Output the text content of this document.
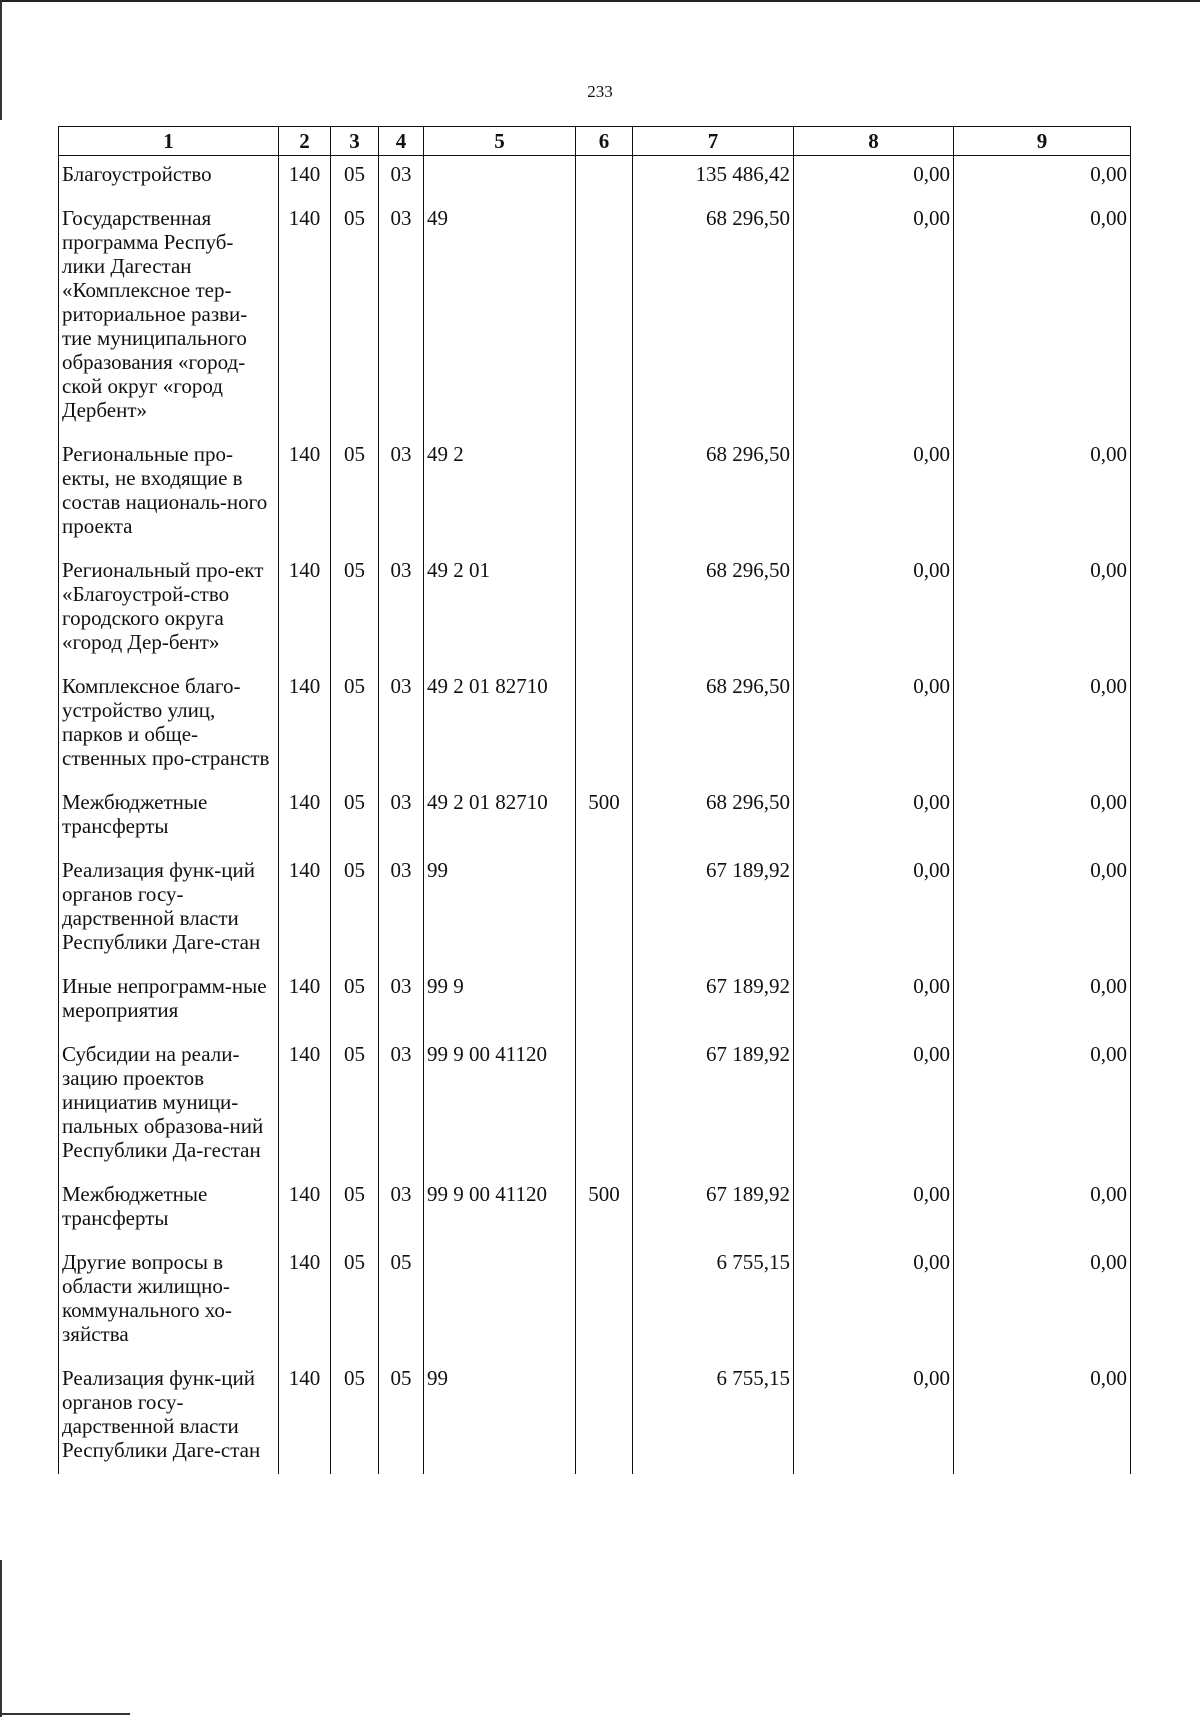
233
1	2	3	4	5	6	7	8	9
Благоустройство	140	05	03			135 486,42	0,00	0,00
Государственная программа Респуб-лики Дагестан «Комплексное тер-риториальное разви-тие муниципального образования «город-ской округ «город Дербент»	140	05	03	49		68 296,50	0,00	0,00
Региональные про-екты, не входящие в состав националь-ного проекта	140	05	03	49 2		68 296,50	0,00	0,00
Региональный про-ект «Благоустрой-ство городского округа «город Дер-бент»	140	05	03	49 2 01		68 296,50	0,00	0,00
Комплексное благо-устройство улиц, парков и обще-ственных про-странств	140	05	03	49 2 01 82710		68 296,50	0,00	0,00
Межбюджетные трансферты	140	05	03	49 2 01 82710	500	68 296,50	0,00	0,00
Реализация функ-ций органов госу-дарственной власти Республики Даге-стан	140	05	03	99		67 189,92	0,00	0,00
Иные непрограмм-ные мероприятия	140	05	03	99 9		67 189,92	0,00	0,00
Субсидии на реали-зацию проектов инициатив муници-пальных образова-ний Республики Да-гестан	140	05	03	99 9 00 41120		67 189,92	0,00	0,00
Межбюджетные трансферты	140	05	03	99 9 00 41120	500	67 189,92	0,00	0,00
Другие вопросы в области жилищно-коммунального хо-зяйства	140	05	05			6 755,15	0,00	0,00
Реализация функ-ций органов госу-дарственной власти Республики Даге-стан	140	05	05	99		6 755,15	0,00	0,00
